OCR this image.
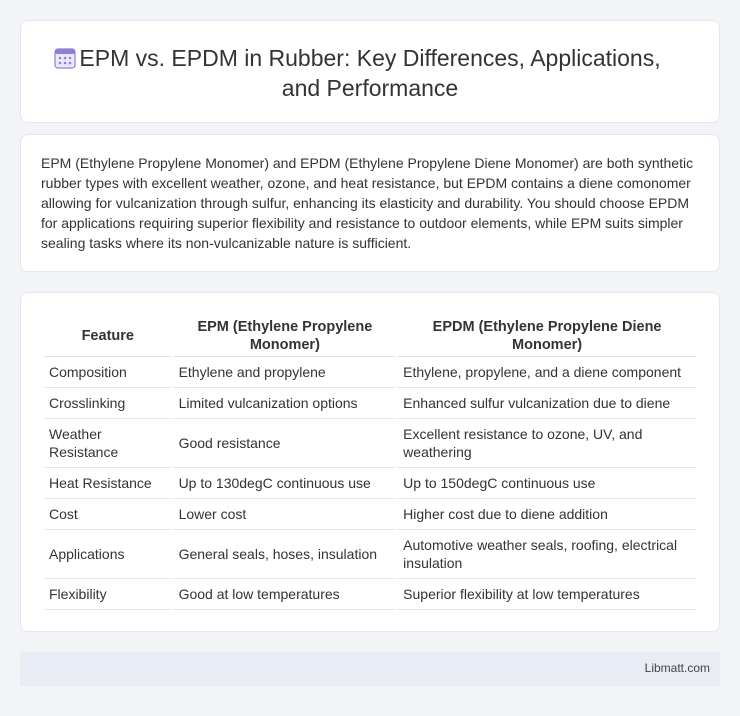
EPM vs. EPDM in Rubber: Key Differences, Applications,
and Performance

EPM (Ethylene Propylene Monomer) and EPDM (Ethylene Propylene Diene Monomer) are both synthetic rubber types with excellent weather, ozone, and heat resistance, but EPDM contains a diene comonomer allowing for vulcanization through sulfur, enhancing its elasticity and durability. You should choose EPDM for applications requiring superior flexibility and resistance to outdoor elements, while EPM suits simpler sealing tasks where its non-vulcanizable nature is sufficient.

Feature	EPM (Ethylene Propylene Monomer)	EPDM (Ethylene Propylene Diene Monomer)
Composition	Ethylene and propylene	Ethylene, propylene, and a diene component
Crosslinking	Limited vulcanization options	Enhanced sulfur vulcanization due to diene
Weather Resistance	Good resistance	Excellent resistance to ozone, UV, and weathering
Heat Resistance	Up to 130degC continuous use	Up to 150degC continuous use
Cost	Lower cost	Higher cost due to diene addition
Applications	General seals, hoses, insulation	Automotive weather seals, roofing, electrical insulation
Flexibility	Good at low temperatures	Superior flexibility at low temperatures
Libmatt.com
